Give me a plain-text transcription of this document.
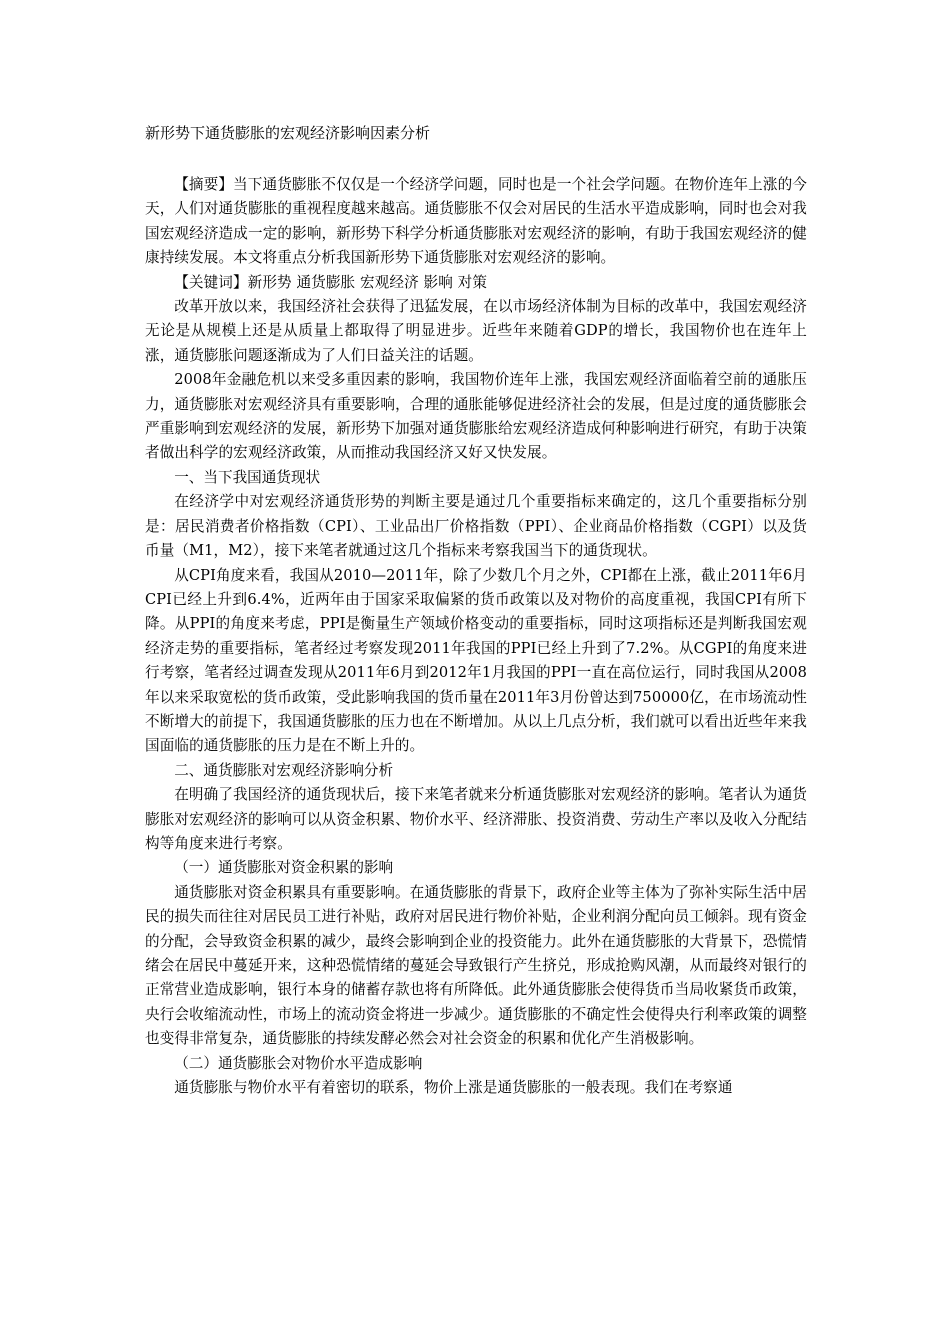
新形势下通货膨胀的宏观经济影响因素分析

【摘要】当下通货膨胀不仅仅是一个经济学问题，同时也是一个社会学问题。在物价连年上涨的今天，人们对通货膨胀的重视程度越来越高。通货膨胀不仅会对居民的生活水平造成影响，同时也会对我国宏观经济造成一定的影响，新形势下科学分析通货膨胀对宏观经济的影响，有助于我国宏观经济的健康持续发展。本文将重点分析我国新形势下通货膨胀对宏观经济的影响。

【关键词】新形势 通货膨胀 宏观经济 影响 对策

改革开放以来，我国经济社会获得了迅猛发展，在以市场经济体制为目标的改革中，我国宏观经济无论是从规模上还是从质量上都取得了明显进步。近些年来随着GDP的增长，我国物价也在连年上涨，通货膨胀问题逐渐成为了人们日益关注的话题。

2008年金融危机以来受多重因素的影响，我国物价连年上涨，我国宏观经济面临着空前的通胀压力，通货膨胀对宏观经济具有重要影响，合理的通胀能够促进经济社会的发展，但是过度的通货膨胀会严重影响到宏观经济的发展，新形势下加强对通货膨胀给宏观经济造成何种影响进行研究，有助于决策者做出科学的宏观经济政策，从而推动我国经济又好又快发展。

一、当下我国通货现状

在经济学中对宏观经济通货形势的判断主要是通过几个重要指标来确定的，这几个重要指标分别是：居民消费者价格指数（CPI）、工业品出厂价格指数（PPI）、企业商品价格指数（CGPI）以及货币量（M1，M2），接下来笔者就通过这几个指标来考察我国当下的通货现状。

从CPI角度来看，我国从2010—2011年，除了少数几个月之外，CPI都在上涨，截止2011年6月CPI已经上升到6.4%，近两年由于国家采取偏紧的货币政策以及对物价的高度重视，我国CPI有所下降。从PPI的角度来考虑，PPI是衡量生产领域价格变动的重要指标，同时这项指标还是判断我国宏观经济走势的重要指标，笔者经过考察发现2011年我国的PPI已经上升到了7.2%。从CGPI的角度来进行考察，笔者经过调查发现从2011年6月到2012年1月我国的PPI一直在高位运行，同时我国从2008年以来采取宽松的货币政策，受此影响我国的货币量在2011年3月份曾达到750000亿，在市场流动性不断增大的前提下，我国通货膨胀的压力也在不断增加。从以上几点分析，我们就可以看出近些年来我国面临的通货膨胀的压力是在不断上升的。

二、通货膨胀对宏观经济影响分析

在明确了我国经济的通货现状后，接下来笔者就来分析通货膨胀对宏观经济的影响。笔者认为通货膨胀对宏观经济的影响可以从资金积累、物价水平、经济滞胀、投资消费、劳动生产率以及收入分配结构等角度来进行考察。

（一）通货膨胀对资金积累的影响

通货膨胀对资金积累具有重要影响。在通货膨胀的背景下，政府企业等主体为了弥补实际生活中居民的损失而往往对居民员工进行补贴，政府对居民进行物价补贴，企业利润分配向员工倾斜。现有资金的分配，会导致资金积累的减少，最终会影响到企业的投资能力。此外在通货膨胀的大背景下，恐慌情绪会在居民中蔓延开来，这种恐慌情绪的蔓延会导致银行产生挤兑，形成抢购风潮，从而最终对银行的正常营业造成影响，银行本身的储蓄存款也将有所降低。此外通货膨胀会使得货币当局收紧货币政策，央行会收缩流动性，市场上的流动资金将进一步减少。通货膨胀的不确定性会使得央行利率政策的调整也变得非常复杂，通货膨胀的持续发酵必然会对社会资金的积累和优化产生消极影响。

（二）通货膨胀会对物价水平造成影响

通货膨胀与物价水平有着密切的联系，物价上涨是通货膨胀的一般表现。我们在考察通
